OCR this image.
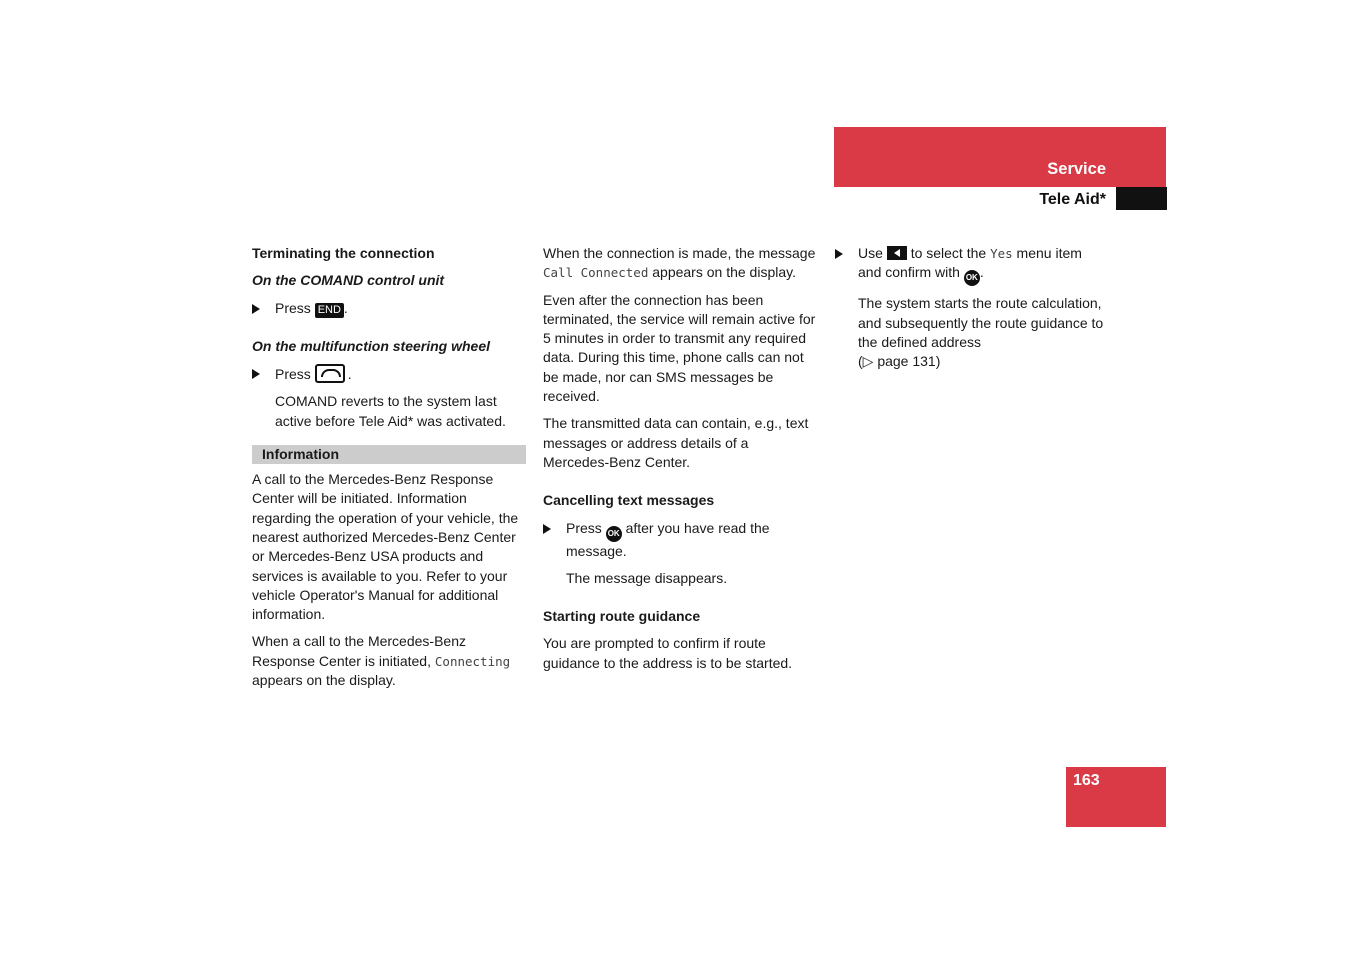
Service
Tele Aid*

Terminating the connection

On the COMAND control unit

Press END .

On the multifunction steering wheel

Press	.

COMAND reverts to the system last active before Tele Aid* was activated.

Information

A call to the Mercedes-Benz Response Center will be initiated. Information regarding the operation of your vehicle, the nearest authorized Mercedes-Benz Center or Mercedes-Benz USA products and services is available to you. Refer to your vehicle Operator's Manual for additional information.

When a call to the Mercedes-Benz Response Center is initiated, Connecting appears on the display.

When the connection is made, the message Call Connected appears on the display.

Even after the connection has been terminated, the service will remain active for 5 minutes in order to transmit any required data. During this time, phone calls can not be made, nor can SMS messages be received.

The transmitted data can contain, e.g., text messages or address details of a Mercedes-Benz Center.

Cancelling text messages

Press OK after you have read the message.

The message disappears.

Starting route guidance

You are prompted to confirm if route guidance to the address is to be started.

Use to select the Yes menu item and confirm with OK .

The system starts the route calculation, and subsequently the route guidance to the defined address

(▷ page 131)

163
